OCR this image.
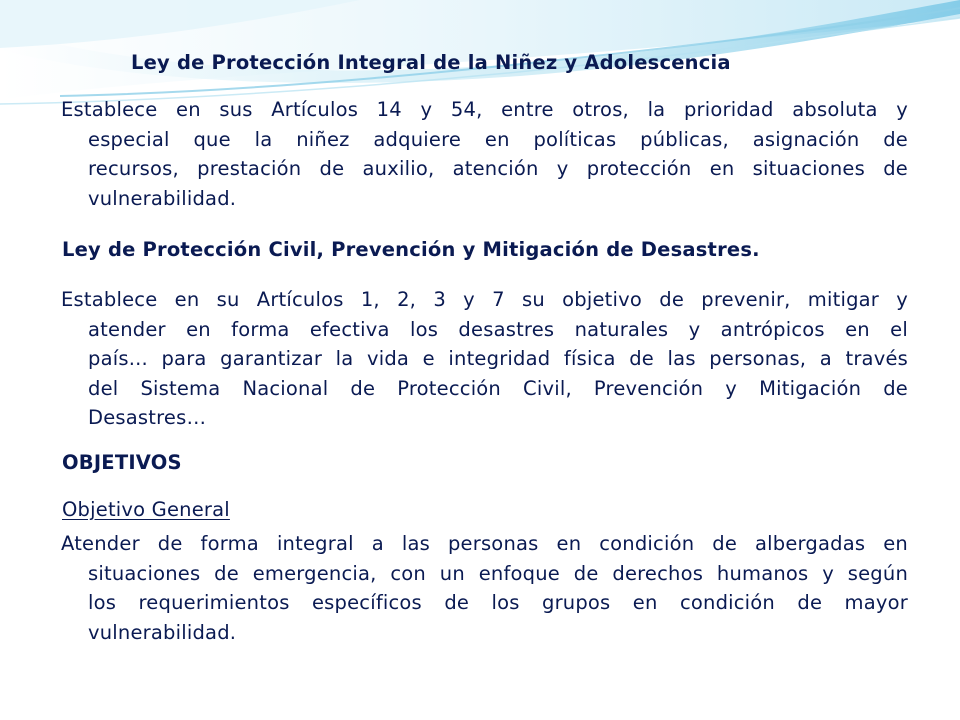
Ley de Protección Integral de la Niñez y Adolescencia
Establece en sus Artículos 14 y 54, entre otros, la prioridad absoluta y
especial que la niñez adquiere en políticas públicas, asignación de
recursos, prestación de auxilio, atención y protección en situaciones de
vulnerabilidad.
Ley de Protección Civil, Prevención y Mitigación de Desastres.
Establece en su Artículos 1, 2, 3 y 7 su objetivo de prevenir, mitigar y
atender en forma efectiva los desastres naturales y antrópicos en el
país... para garantizar la vida e integridad física de las personas, a través
del Sistema Nacional de Protección Civil, Prevención y Mitigación de
Desastres…
OBJETIVOS
Objetivo General
Atender de forma integral a las personas en condición de albergadas en
situaciones de emergencia, con un enfoque de derechos humanos y según
los requerimientos específicos de los grupos en condición de mayor
vulnerabilidad.
